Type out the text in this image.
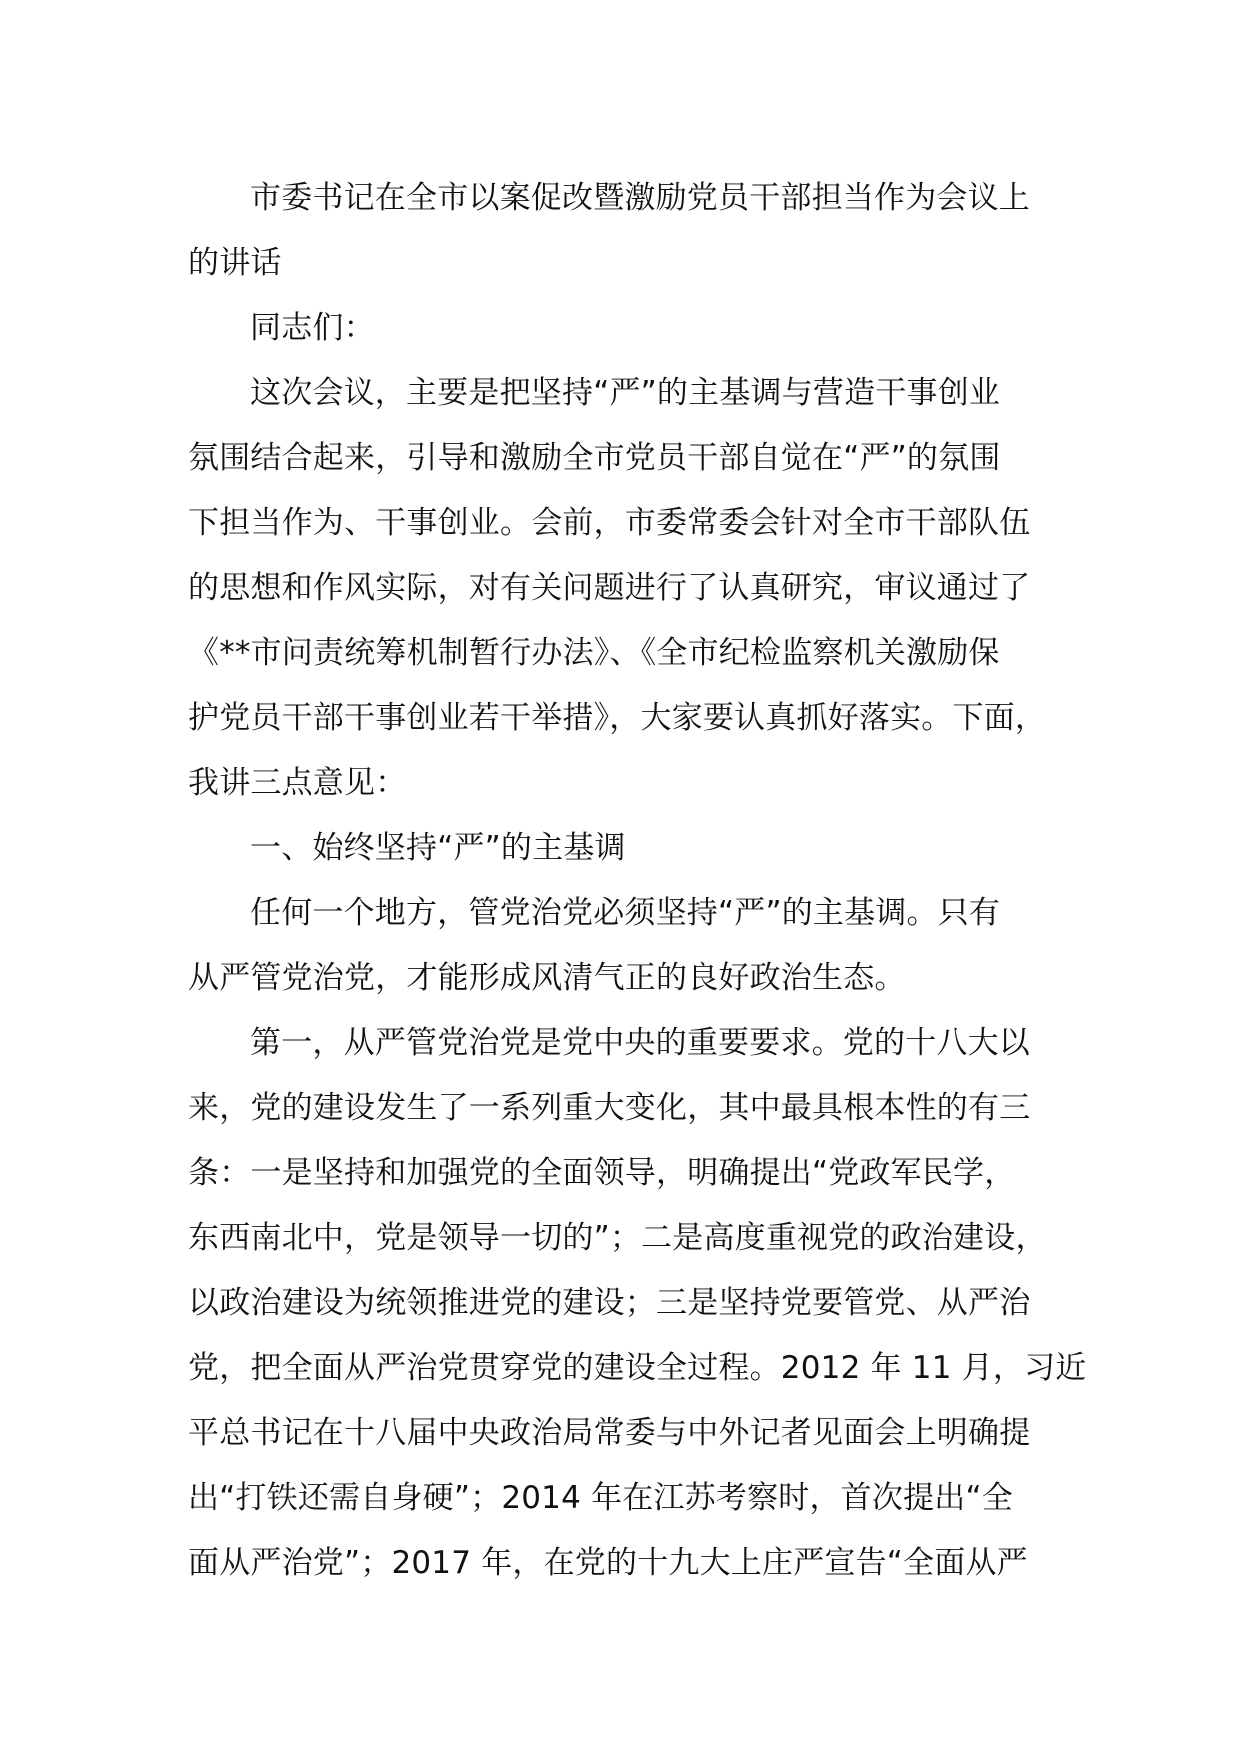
市委书记在全市以案促改暨激励党员干部担当作为会议上
的讲话
同志们：
这次会议，主要是把坚持“严”的主基调与营造干事创业
氛围结合起来，引导和激励全市党员干部自觉在“严”的氛围
下担当作为、干事创业。会前，市委常委会针对全市干部队伍
的思想和作风实际，对有关问题进行了认真研究，审议通过了
《**市问责统筹机制暂行办法》、《全市纪检监察机关激励保
护党员干部干事创业若干举措》，大家要认真抓好落实。下面，
我讲三点意见：
一、始终坚持“严”的主基调
任何一个地方，管党治党必须坚持“严”的主基调。只有
从严管党治党，才能形成风清气正的良好政治生态。
第一，从严管党治党是党中央的重要要求。党的十八大以
来，党的建设发生了一系列重大变化，其中最具根本性的有三
条：一是坚持和加强党的全面领导，明确提出“党政军民学，
东西南北中，党是领导一切的”；二是高度重视党的政治建设，
以政治建设为统领推进党的建设；三是坚持党要管党、从严治
党，把全面从严治党贯穿党的建设全过程。2012 年 11 月，习近
平总书记在十八届中央政治局常委与中外记者见面会上明确提
出“打铁还需自身硬”；2014 年在江苏考察时，首次提出“全
面从严治党”；2017 年，在党的十九大上庄严宣告“全面从严
